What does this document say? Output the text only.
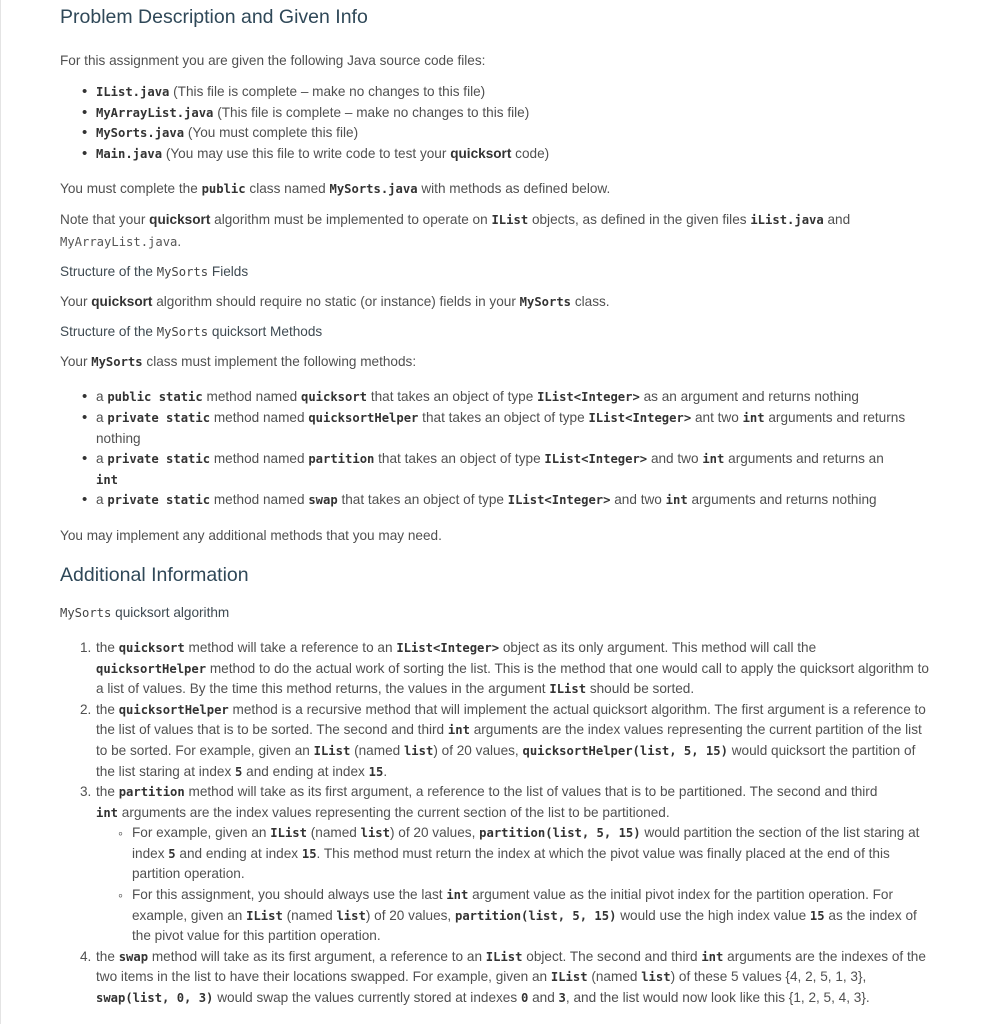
Problem Description and Given Info

For this assignment you are given the following Java source code files:

• IList.java (This file is complete – make no changes to this file)
• MyArrayList.java (This file is complete – make no changes to this file)
• MySorts.java (You must complete this file)
• Main.java (You may use this file to write code to test your quicksort code)

You must complete the public class named MySorts.java with methods as defined below.

Note that your quicksort algorithm must be implemented to operate on IList objects, as defined in the given files iList.java and
MyArrayList.java.

Structure of the MySorts Fields

Your quicksort algorithm should require no static (or instance) fields in your MySorts class.

Structure of the MySorts quicksort Methods

Your MySorts class must implement the following methods:

• a public static method named quicksort that takes an object of type IList<Integer> as an argument and returns nothing
• a private static method named quicksortHelper that takes an object of type IList<Integer> ant two int arguments and returns nothing
• a private static method named partition that takes an object of type IList<Integer> and two int arguments and returns an
int
• a private static method named swap that takes an object of type IList<Integer> and two int arguments and returns nothing

You may implement any additional methods that you may need.

Additional Information

MySorts quicksort algorithm

1. the quicksort method will take a reference to an IList<Integer> object as its only argument. This method will call the
quicksortHelper method to do the actual work of sorting the list. This is the method that one would call to apply the quicksort algorithm to a list of values. By the time this method returns, the values in the argument IList should be sorted.
2. the quicksortHelper method is a recursive method that will implement the actual quicksort algorithm. The first argument is a reference to the list of values that is to be sorted. The second and third int arguments are the index values representing the current partition of the list to be sorted. For example, given an IList (named list) of 20 values, quicksortHelper(list, 5, 15) would quicksort the partition of the list staring at index 5 and ending at index 15.
3. the partition method will take as its first argument, a reference to the list of values that is to be partitioned. The second and third
int arguments are the index values representing the current section of the list to be partitioned.
◦ For example, given an IList (named list) of 20 values, partition(list, 5, 15) would partition the section of the list staring at index 5 and ending at index 15. This method must return the index at which the pivot value was finally placed at the end of this partition operation.
◦ For this assignment, you should always use the last int argument value as the initial pivot index for the partition operation. For example, given an IList (named list) of 20 values, partition(list, 5, 15) would use the high index value 15 as the index of the pivot value for this partition operation.
4. the swap method will take as its first argument, a reference to an IList object. The second and third int arguments are the indexes of the two items in the list to have their locations swapped. For example, given an IList (named list) of these 5 values {4, 2, 5, 1, 3},
swap(list, 0, 3) would swap the values currently stored at indexes 0 and 3, and the list would now look like this {1, 2, 5, 4, 3}.
